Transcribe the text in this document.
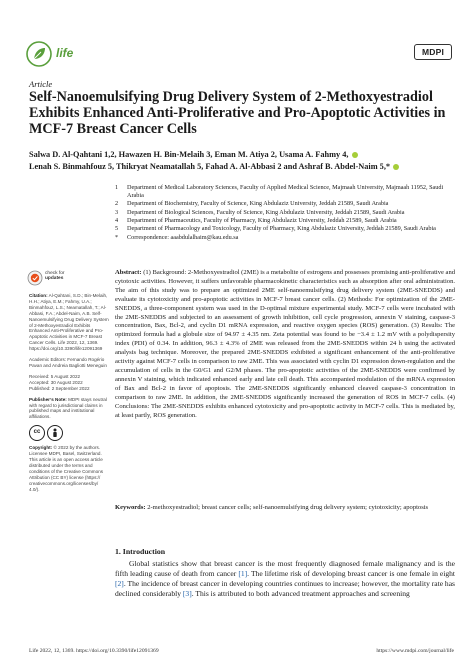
life	MDPI
Article
Self-Nanoemulsifying Drug Delivery System of 2-Methoxyestradiol Exhibits Enhanced Anti-Proliferative and Pro-Apoptotic Activities in MCF-7 Breast Cancer Cells
Salwa D. Al-Qahtani 1,2, Hawazen H. Bin-Melaih 3, Eman M. Atiya 2, Usama A. Fahmy 4,
Lenah S. Binmahfouz 5, Thikryat Neamatallah 5, Fahad A. Al-Abbasi 2 and Ashraf B. Abdel-Naim 5,*
1	Department of Medical Laboratory Sciences, Faculty of Applied Medical Science, Majmaah University, Majmaah 11952, Saudi Arabia
2	Department of Biochemistry, Faculty of Science, King Abdulaziz University, Jeddah 21589, Saudi Arabia
3	Department of Biological Sciences, Faculty of Science, King Abdulaziz University, Jeddah 21589, Saudi Arabia
4	Department of Pharmaceutics, Faculty of Pharmacy, King Abdulaziz University, Jeddah 21589, Saudi Arabia
5	Department of Pharmacology and Toxicology, Faculty of Pharmacy, King Abdulaziz University, Jeddah 21589, Saudi Arabia
*	Correspondence: aaabdulalhaim@kau.edu.sa
check for
updates
Citation: Al-Qahtani, S.D.; Bin-Melaih, H.H.; Atiya, E.M.; Fahmy, U.A.; Binmahfouz, L.S.; Neamatallah, T.; Al-Abbasi, F.A.; Abdel-Naim, A.B. Self-Nanoemulsifying Drug Delivery System of 2-Methoxyestradiol Exhibits Enhanced Anti-Proliferative and Pro-Apoptotic Activities in MCF-7 Breast Cancer Cells. Life 2022, 12, 1369. https://doi.org/10.3390/life12091369
Academic Editors: Fernando Rogério Pavan and Andreia Bagliotti Meneguin
Received: 5 August 2022
Accepted: 30 August 2022
Published: 2 September 2022
Publisher’s Note: MDPI stays neutral with regard to jurisdictional claims in published maps and institutional affiliations.
cc
Copyright: © 2022 by the authors. Licensee MDPI, Basel, Switzerland. This article is an open access article distributed under the terms and conditions of the Creative Commons Attribution (CC BY) license (https:// creativecommons.org/licenses/by/ 4.0/).
Abstract: (1) Background: 2-Methoxyestradiol (2ME) is a metabolite of estrogens and possesses promising anti-proliferative and cytotoxic activities. However, it suffers unfavorable pharmacokinetic characteristics such as absorption after oral administration. The aim of this study was to prepare an optimized 2ME self-nanoemulsifying drug delivery system (2ME-SNEDDS) and evaluate its cytotoxicity and pro-apoptotic activities in MCF-7 breast cancer cells. (2) Methods: For optimization of the 2ME-SNEDDS, a three-component system was used in the D-optimal mixture experimental study. MCF-7 cells were incubated with the 2ME-SNEDDS and subjected to an assessment of growth inhibition, cell cycle progression, annexin V staining, caspase-3 concentration, Bax, Bcl-2, and cyclin D1 mRNA expression, and reactive oxygen species (ROS) generation. (3) Results: The optimized formula had a globule size of 94.97 ± 4.35 nm. Zeta potential was found to be −3.4 ± 1.2 mV with a polydispersity index (PDI) of 0.34. In addition, 96.3 ± 4.3% of 2ME was released from the 2ME-SNEDDS within 24 h using the activated analysis bag technique. Moreover, the prepared 2ME-SNEDDS exhibited a significant enhancement of the anti-proliferative activity against MCF-7 cells in comparison to raw 2ME. This was associated with cyclin D1 expression down-regulation and the accumulation of cells in the G0/G1 and G2/M phases. The pro-apoptotic activities of the 2ME-SNEDDS were confirmed by annexin V staining, which indicated enhanced early and late cell death. This accompanied modulation of the mRNA expression of Bax and Bcl-2 in favor of apoptosis. The 2ME-SNEDDS significantly enhanced cleaved caspase-3 concentration in comparison to raw 2ME. In addition, the 2ME-SNEDDS significantly increased the generation of ROS in MCF-7 cells. (4) Conclusions: The 2ME-SNEDDS exhibits enhanced cytotoxicity and pro-apoptotic activity in MCF-7 cells. This is mediated by, at least partly, ROS generation.
Keywords: 2-methoxyestradiol; breast cancer cells; self-nanoemulsifying drug delivery system; cytotoxicity; apoptosis
1. Introduction
Global statistics show that breast cancer is the most frequently diagnosed female malignancy and is the fifth leading cause of death from cancer [1]. The lifetime risk of developing breast cancer is one female in eight [2]. The incidence of breast cancer in developing countries continues to increase; however, the mortality rate has declined considerably [3]. This is attributed to both advanced treatment approaches and screening
Life 2022, 12, 1369. https://doi.org/10.3390/life12091369	https://www.mdpi.com/journal/life
